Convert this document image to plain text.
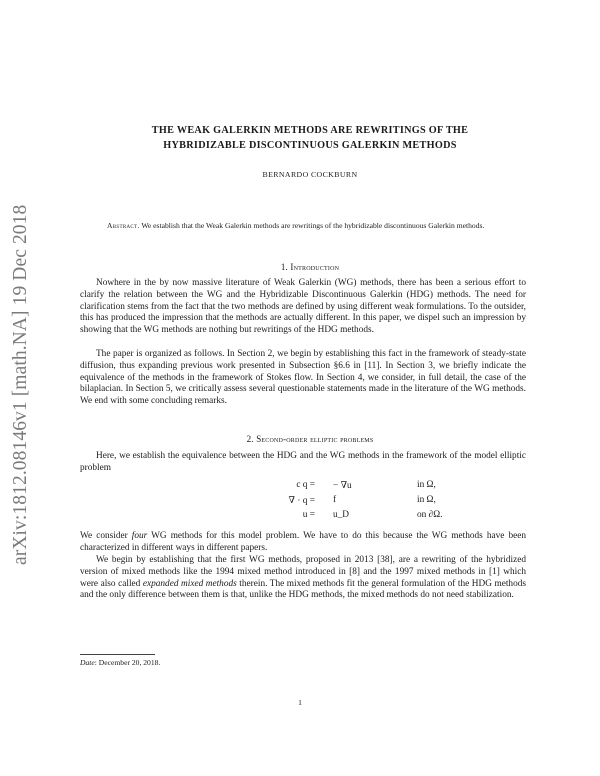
arXiv:1812.08146v1 [math.NA] 19 Dec 2018
THE WEAK GALERKIN METHODS ARE REWRITINGS OF THE
HYBRIDIZABLE DISCONTINUOUS GALERKIN METHODS
BERNARDO COCKBURN
Abstract. We establish that the Weak Galerkin methods are rewritings of the hybridizable discontinuous Galerkin methods.
1. Introduction
Nowhere in the by now massive literature of Weak Galerkin (WG) methods, there has been a serious effort to clarify the relation between the WG and the Hybridizable Discontinuous Galerkin (HDG) methods. The need for clarification stems from the fact that the two methods are defined by using different weak formulations. To the outsider, this has produced the impression that the methods are actually different. In this paper, we dispel such an impression by showing that the WG methods are nothing but rewritings of the HDG methods.
The paper is organized as follows. In Section 2, we begin by establishing this fact in the framework of steady-state diffusion, thus expanding previous work presented in Subsection §6.6 in [11]. In Section 3, we briefly indicate the equivalence of the methods in the framework of Stokes flow. In Section 4, we consider, in full detail, the case of the bilaplacian. In Section 5, we critically assess several questionable statements made in the literature of the WG methods. We end with some concluding remarks.
2. Second-order elliptic problems
Here, we establish the equivalence between the HDG and the WG methods in the framework of the model elliptic problem
c q =	− ∇u	in Ω,
∇ · q =	f	in Ω,
u =	u_D	on ∂Ω.
We consider four WG methods for this model problem. We have to do this because the WG methods have been characterized in different ways in different papers.
We begin by establishing that the first WG methods, proposed in 2013 [38], are a rewriting of the hybridized version of mixed methods like the 1994 mixed method introduced in [8] and the 1997 mixed methods in [1] which were also called expanded mixed methods therein. The mixed methods fit the general formulation of the HDG methods and the only difference between them is that, unlike the HDG methods, the mixed methods do not need stabilization.
Date: December 20, 2018.
1
